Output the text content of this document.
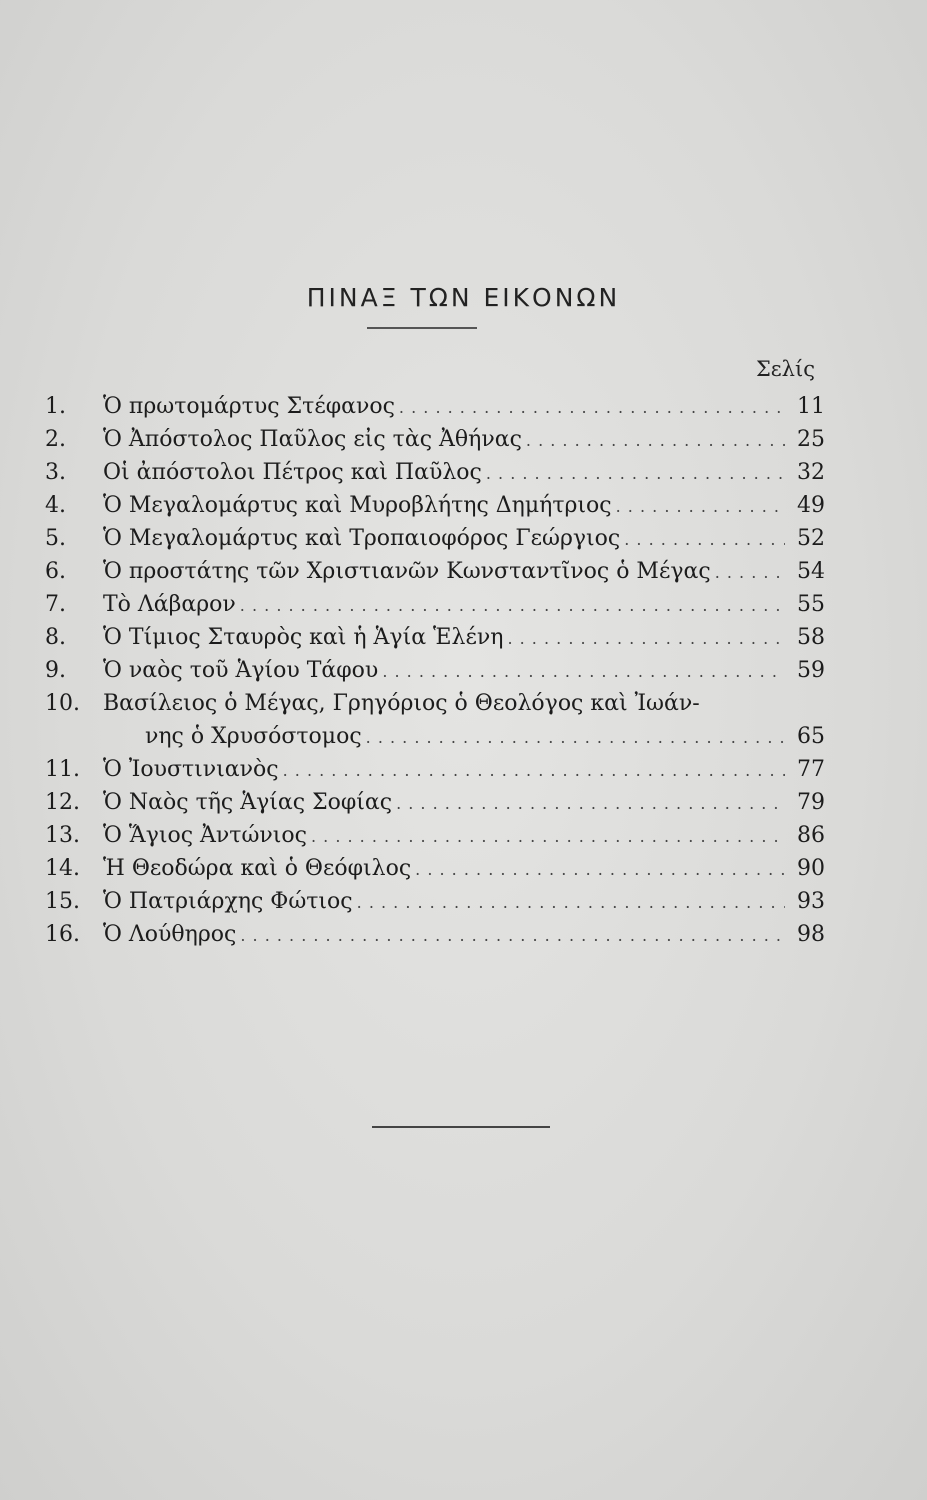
ΠΙΝΑΞ ΤΩΝ ΕΙΚΟΝΩΝ
Σελίς
1.	Ὁ πρωτομάρτυς Στέφανος . . .	11
2.	Ὁ Ἀπόστολος Παῦλος εἰς τὰς Ἀθήνας . . .	25
3.	Οἱ ἀπόστολοι Πέτρος καὶ Παῦλος . . .	32
4.	Ὁ Μεγαλομάρτυς καὶ Μυροβλήτης Δημήτριος . . .	49
5.	Ὁ Μεγαλομάρτυς καὶ Τροπαιοφόρος Γεώργιος . . .	52
6.	Ὁ προστάτης τῶν Χριστιανῶν Κωνσταντῖνος ὁ Μέγας . . .	54
7.	Τὸ Λάβαρον . . .	55
8.	Ὁ Τίμιος Σταυρὸς καὶ ἡ Ἁγία Ἑλένη . . .	58
9.	Ὁ ναὸς τοῦ Ἁγίου Τάφου . . .	59
10.	Βασίλειος ὁ Μέγας, Γρηγόριος ὁ Θεολόγος καὶ Ἰωάν-
νης ὁ Χρυσόστομος . . .	65
11.	Ὁ Ἰουστινιανὸς . . .	77
12.	Ὁ Ναὸς τῆς Ἁγίας Σοφίας . . .	79
13.	Ὁ Ἅγιος Ἀντώνιος . . .	86
14.	Ἡ Θεοδώρα καὶ ὁ Θεόφιλος . . .	90
15.	Ὁ Πατριάρχης Φώτιος . . .	93
16.	Ὁ Λούθηρος . . .	98
